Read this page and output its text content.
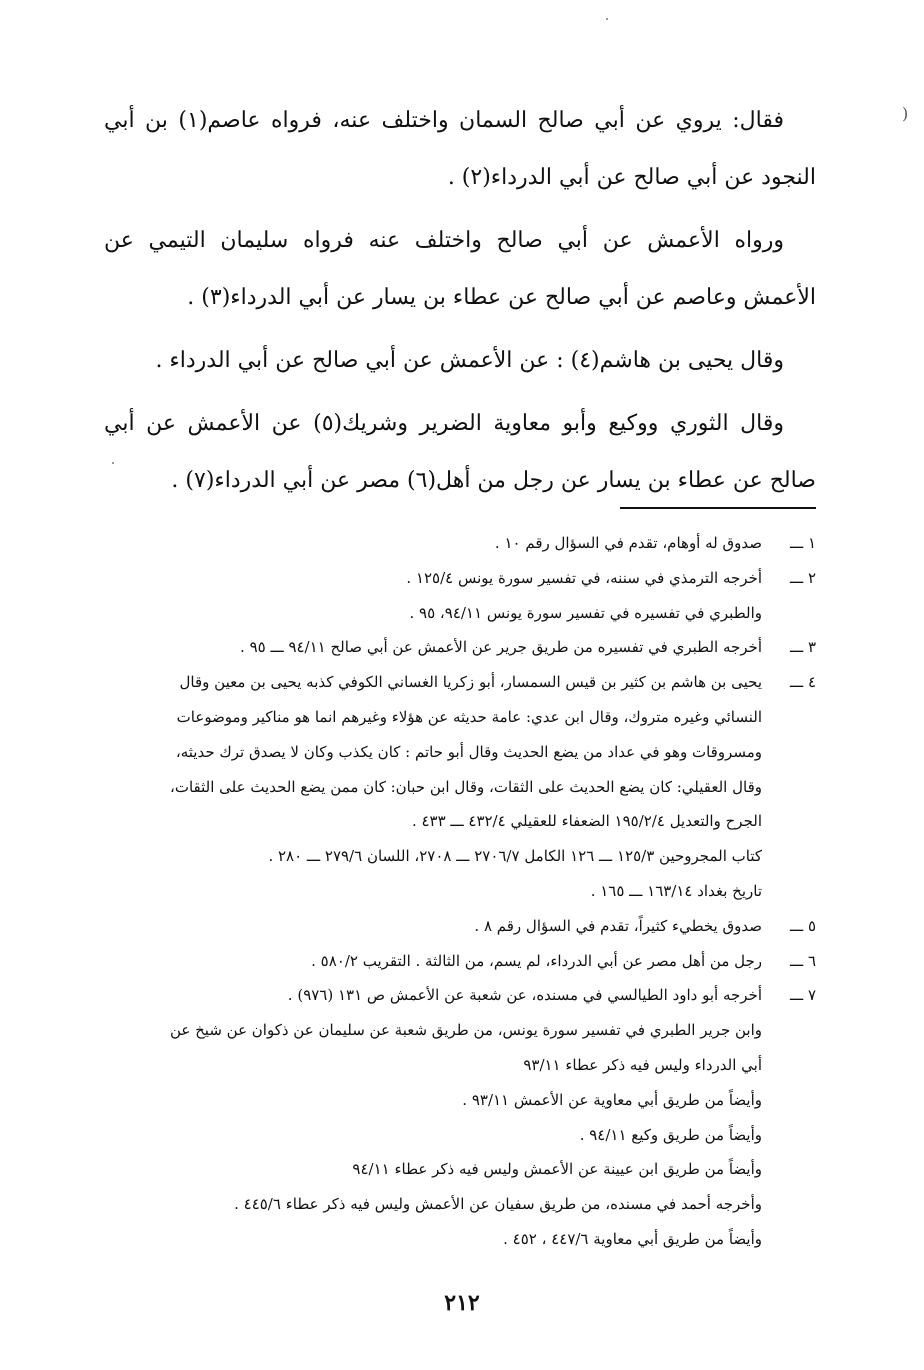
)

فقال: يروي عن أبي صالح السمان واختلف عنه، فرواه عاصم(١) بن أبي النجود عن أبي صالح عن أبي الدرداء(٢) .

ورواه الأعمش عن أبي صالح واختلف عنه فرواه سليمان التيمي عن الأعمش وعاصم عن أبي صالح عن عطاء بن يسار عن أبي الدرداء(٣) .

وقال يحيى بن هاشم(٤) : عن الأعمش عن أبي صالح عن أبي الدرداء .

وقال الثوري ووكيع وأبو معاوية الضرير وشريك(٥) عن الأعمش عن أبي صالح عن عطاء بن يسار عن رجل من أهل(٦) مصر عن أبي الدرداء(٧) .

١ ـــصدوق له أوهام، تقدم في السؤال رقم ١٠ .
٢ ـــأخرجه الترمذي في سننه، في تفسير سورة يونس ١٢٥/٤ .
والطبري في تفسيره في تفسير سورة يونس ٩٤/١١، ٩٥ .
٣ ـــأخرجه الطبري في تفسيره من طريق جرير عن الأعمش عن أبي صالح ٩٤/١١ ـــ ٩٥ .
٤ ـــيحيى بن هاشم بن كثير بن قيس السمسار، أبو زكريا الغساني الكوفي كذبه يحيى بن معين وقال
النسائي وغيره متروك، وقال ابن عدي: عامة حديثه عن هؤلاء وغيرهم انما هو مناكير وموضوعات
ومسروقات وهو في عداد من يضع الحديث وقال أبو حاتم : كان يكذب وكان لا يصدق ترك حديثه،
وقال العقيلي: كان يضع الحديث على الثقات، وقال ابن حبان: كان ممن يضع الحديث على الثقات،
الجرح والتعديل ١٩٥/٢/٤ الضعفاء للعقيلي ٤٣٢/٤ ـــ ٤٣٣ .
كتاب المجروحين ١٢٥/٣ ـــ ١٢٦ الكامل ٢٧٠٦/٧ ـــ ٢٧٠٨، اللسان ٢٧٩/٦ ـــ ٢٨٠ .
تاريخ بغداد ١٦٣/١٤ ـــ ١٦٥ .
٥ ـــصدوق يخطيء كثيراً، تقدم في السؤال رقم ٨ .
٦ ـــرجل من أهل مصر عن أبي الدرداء، لم يسم، من الثالثة . التقريب ٥٨٠/٢ .
٧ ـــأخرجه أبو داود الطيالسي في مسنده، عن شعبة عن الأعمش ص ١٣١ (٩٧٦) .
وابن جرير الطبري في تفسير سورة يونس، من طريق شعبة عن سليمان عن ذكوان عن شيخ عن
أبي الدرداء وليس فيه ذكر عطاء ٩٣/١١
وأيضاً من طريق أبي معاوية عن الأعمش ٩٣/١١ .
وأيضاً من طريق وكيع ٩٤/١١ .
وأيضاً من طريق ابن عيينة عن الأعمش وليس فيه ذكر عطاء ٩٤/١١
وأخرجه أحمد في مسنده، من طريق سفيان عن الأعمش وليس فيه ذكر عطاء ٤٤٥/٦ .
وأيضاً من طريق أبي معاوية ٤٤٧/٦ ، ٤٥٢ .
٢١٢
